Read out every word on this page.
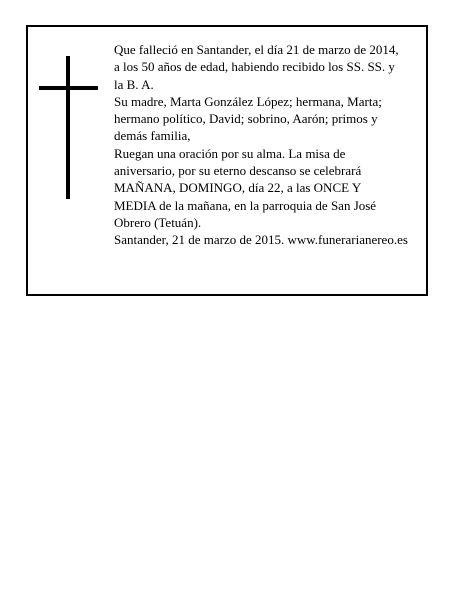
Que falleció en Santander, el día 21 de marzo de 2014,
a los 50 años de edad, habiendo recibido los SS. SS. y
la B. A.
Su madre, Marta González López; hermana, Marta;
hermano político, David; sobrino, Aarón; primos y
demás familia,
Ruegan una oración por su alma. La misa de
aniversario, por su eterno descanso se celebrará
MAÑANA, DOMINGO, día 22, a las ONCE Y
MEDIA de la mañana, en la parroquia de San José
Obrero (Tetuán).
Santander, 21 de marzo de 2015. www.funerarianereo.es
